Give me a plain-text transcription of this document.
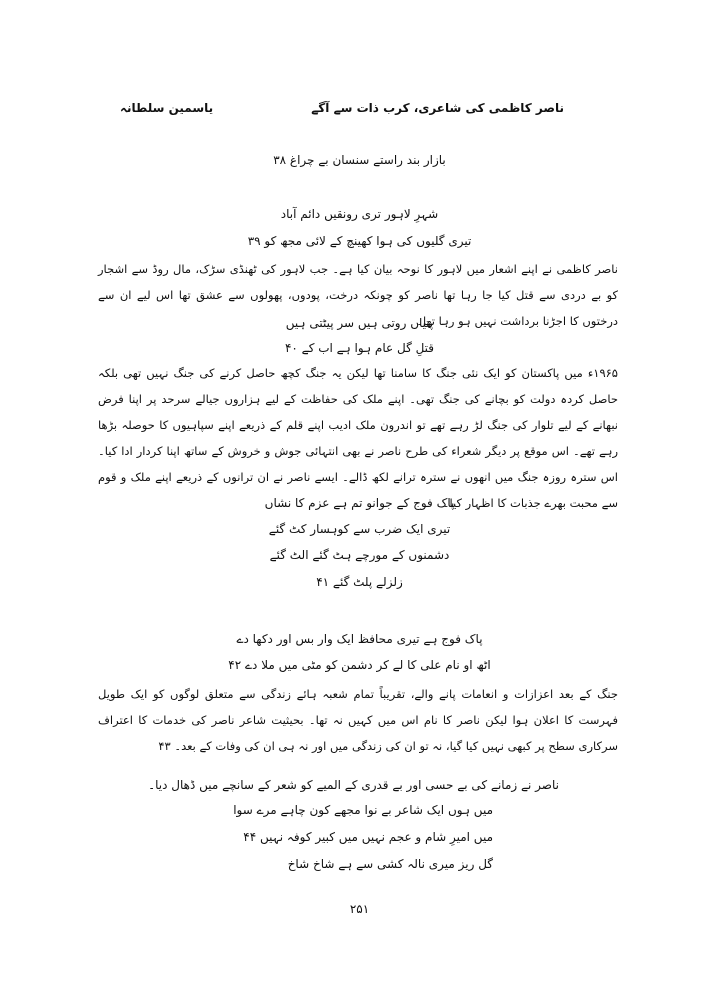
ناصر کاظمی کی شاعری، کرب ذات سے آگے
یاسمین سلطانہ
بازار بند راستے سنسان بے چراغ ۳۸
شہرِ لاہور تری رونقیں دائم آباد
تیری گلیوں کی ہوا کھینچ کے لائی مجھ کو ۳۹

ناصر کاظمی نے اپنے اشعار میں لاہور کا نوحہ بیان کیا ہے۔ جب لاہور کی ٹھنڈی سڑک، مال روڈ سے اشجار کو بے دردی سے قتل کیا جا رہا تھا ناصر کو چونکہ درخت، پودوں، پھولوں سے عشق تھا اس لیے ان سے درختوں کا اجڑنا برداشت نہیں ہو رہا تھا۔

پتیاں روتی ہیں سر پیٹتی ہیں
قتلِ گل عام ہوا ہے اب کے ۴۰

۱۹۶۵ء میں پاکستان کو ایک نئی جنگ کا سامنا تھا لیکن یہ جنگ کچھ حاصل کرنے کی جنگ نہیں تھی بلکہ حاصل کردہ دولت کو بچانے کی جنگ تھی۔ اپنے ملک کی حفاظت کے لیے ہزاروں جیالے سرحد پر اپنا فرض نبھانے کے لیے تلوار کی جنگ لڑ رہے تھے تو اندرون ملک ادیب اپنے قلم کے ذریعے اپنے سپاہیوں کا حوصلہ بڑھا رہے تھے۔ اس موقع پر دیگر شعراء کی طرح ناصر نے بھی انتہائی جوش و خروش کے ساتھ اپنا کردار ادا کیا۔ اس سترہ روزہ جنگ میں انھوں نے سترہ ترانے لکھ ڈالے۔ ایسے ناصر نے ان ترانوں کے ذریعے اپنے ملک و قوم سے محبت بھرے جذبات کا اظہار کیا۔

پاک فوج کے جوانو تم ہے عزم کا نشاں
تیری ایک ضرب سے کوہسار کٹ گئے
دشمنوں کے مورچے ہٹ گئے الٹ گئے
زلزلے پلٹ گئے ۴۱
پاک فوج ہے تیری محافظ ایک وار بس اور دکھا دے
اٹھ او نام علی کا لے کر دشمن کو مٹی میں ملا دے ۴۲

جنگ کے بعد اعزازات و انعامات پانے والے، تقریباً تمام شعبہ ہائے زندگی سے متعلق لوگوں کو ایک طویل فہرست کا اعلان ہوا لیکن ناصر کا نام اس میں کہیں نہ تھا۔ بحیثیت شاعر ناصر کی خدمات کا اعتراف سرکاری سطح پر کبھی نہیں کیا گیا، نہ تو ان کی زندگی میں اور نہ ہی ان کی وفات کے بعد۔ ۴۳

ناصر نے زمانے کی بے حسی اور بے قدری کے المیے کو شعر کے سانچے میں ڈھال دیا۔
میں ہوں ایک شاعر بے نوا مجھے کون چاہے مرے سوا
میں امیرِ شام و عجم نہیں میں کبیر کوفہ نہیں ۴۴
گل ریز میری نالہ کشی سے ہے شاخ شاخ
۲۵۱
